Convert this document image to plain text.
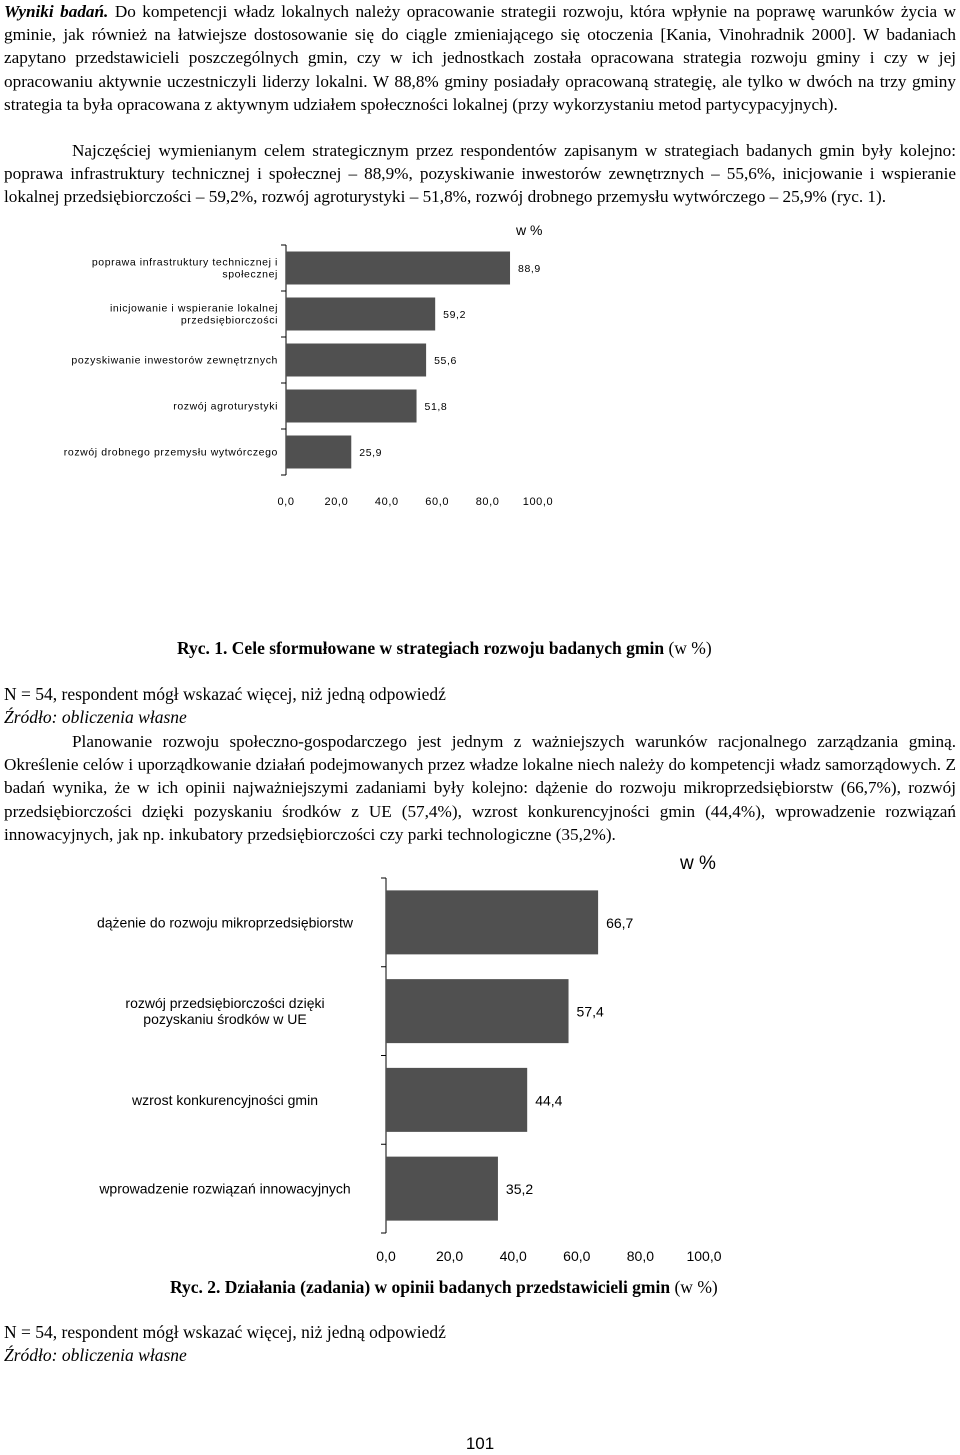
Wyniki badań. Do kompetencji władz lokalnych należy opracowanie strategii rozwoju, która wpłynie na poprawę warunków życia w gminie, jak również na łatwiejsze dostosowanie się do ciągle zmieniającego się otoczenia [Kania, Vinohradnik 2000]. W badaniach zapytano przedstawicieli poszczególnych gmin, czy w ich jednostkach została opracowana strategia rozwoju gminy i czy w jej opracowaniu aktywnie uczestniczyli liderzy lokalni. W 88,8% gminy posiadały opracowaną strategię, ale tylko w dwóch na trzy gminy strategia ta była opracowana z aktywnym udziałem społeczności lokalnej (przy wykorzystaniu metod partycypacyjnych).

Najczęściej wymienianym celem strategicznym przez respondentów zapisanym w strategiach badanych gmin były kolejno: poprawa infrastruktury technicznej i społecznej – 88,9%, pozyskiwanie inwestorów zewnętrznych – 55,6%, inicjowanie i wspieranie lokalnej przedsiębiorczości – 59,2%, rozwój agroturystyki – 51,8%, rozwój drobnego przemysłu wytwórczego – 25,9% (ryc. 1).

w %
88,9
poprawa infrastruktury technicznej i
społecznej
59,2
inicjowanie i wspieranie lokalnej
przedsiębiorczości
55,6
pozyskiwanie inwestorów zewnętrznych
51,8
rozwój agroturystyki
25,9
rozwój drobnego przemysłu wytwórczego
0,0	20,0 40,0 60,0 80,0 100,0
Ryc. 1. Cele sformułowane w strategiach rozwoju badanych gmin (w %)
N = 54, respondent mógł wskazać więcej, niż jedną odpowiedź
Źródło: obliczenia własne

Planowanie rozwoju społeczno-gospodarczego jest jednym z ważniejszych warunków racjonalnego zarządzania gminą. Określenie celów i uporządkowanie działań podejmowanych przez władze lokalne niech należy do kompetencji władz samorządowych. Z badań wynika, że w ich opinii najważniejszymi zadaniami były kolejno: dążenie do rozwoju mikroprzedsiębiorstw (66,7%), rozwój przedsiębiorczości dzięki pozyskaniu środków z UE (57,4%), wzrost konkurencyjności gmin (44,4%), wprowadzenie rozwiązań innowacyjnych, jak np. inkubatory przedsiębiorczości czy parki technologiczne (35,2%).

w %
66,7
dążenie do rozwoju mikroprzedsiębiorstw
57,4
rozwój przedsiębiorczości dzięki
pozyskaniu środków w UE
44,4
wzrost konkurencyjności gmin
35,2
wprowadzenie rozwiązań innowacyjnych
0,0	20,0	40,0	60,0	80,0 100,0
Ryc. 2. Działania (zadania) w opinii badanych przedstawicieli gmin (w %)
N = 54, respondent mógł wskazać więcej, niż jedną odpowiedź
Źródło: obliczenia własne
101
